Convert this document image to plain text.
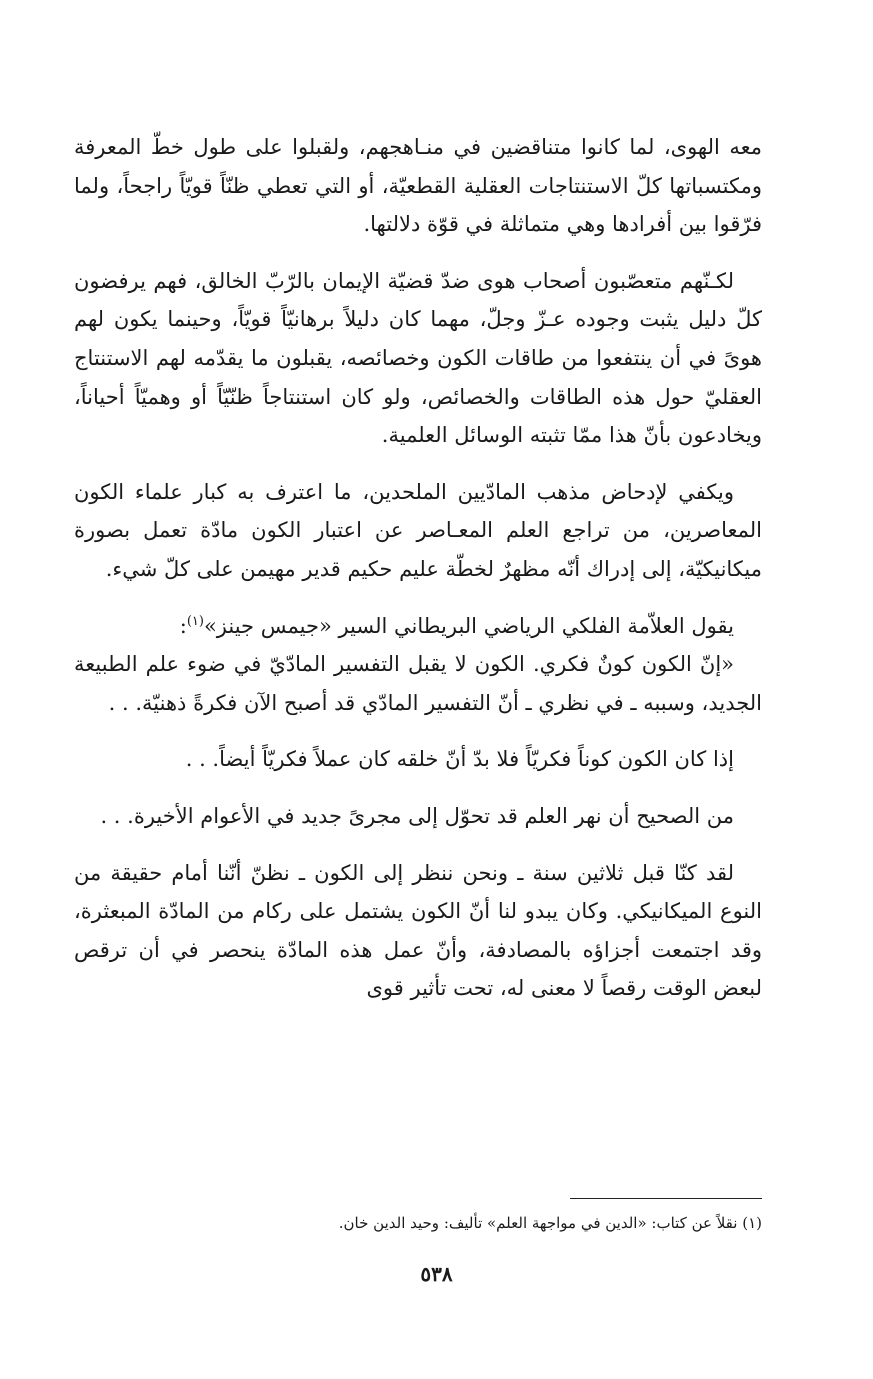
معه الهوى، لما كانوا متناقضين في منـاهجهم، ولقبلوا على طول خطّ المعرفة ومكتسباتها كلّ الاستنتاجات العقلية القطعيّة، أو التي تعطي ظنّاً قويّاً راجحاً، ولما فرّقوا بين أفرادها وهي متماثلة في قوّة دلالتها.

لكـنّهم متعصّبون أصحاب هوى ضدّ قضيّة الإيمان بالرّبّ الخالق، فهم يرفضون كلّ دليل يثبت وجوده عـزّ وجلّ، مهما كان دليلاً برهانيّاً قويّاً، وحينما يكون لهم هوىً في أن ينتفعوا من طاقات الكون وخصائصه، يقبلون ما يقدّمه لهم الاستنتاج العقليّ حول هذه الطاقات والخصائص، ولو كان استنتاجاً ظنّيّاً أو وهميّاً أحياناً، ويخادعون بأنّ هذا ممّا تثبته الوسائل العلمية.

ويكفي لإدحاض مذهب المادّيين الملحدين، ما اعترف به كبار علماء الكون المعاصرين، من تراجع العلم المعـاصر عن اعتبار الكون مادّة تعمل بصورة ميكانيكيّة، إلى إدراك أنّه مظهرٌ لخطّة عليم حكيم قدير مهيمن على كلّ شيء.

يقول العلاّمة الفلكي الرياضي البريطاني السير «جيمس جينز»$^{(١)}$:

«إنّ الكون كونٌ فكري. الكون لا يقبل التفسير المادّيّ في ضوء علم الطبيعة الجديد، وسببه ـ في نظري ـ أنّ التفسير المادّي قد أصبح الآن فكرةً ذهنيّة. . .

إذا كان الكون كوناً فكريّاً فلا بدّ أنّ خلقه كان عملاً فكريّاً أيضاً. . .

من الصحيح أن نهر العلم قد تحوّل إلى مجرىً جديد في الأعوام الأخيرة. . .

لقد كنّا قبل ثلاثين سنة ـ ونحن ننظر إلى الكون ـ نظنّ أنّنا أمام حقيقة من النوع الميكانيكي. وكان يبدو لنا أنّ الكون يشتمل على ركام من المادّة المبعثرة، وقد اجتمعت أجزاؤه بالمصادفة، وأنّ عمل هذه المادّة ينحصر في أن ترقص لبعض الوقت رقصاً لا معنى له، تحت تأثير قوى

(١) نقلاً عن كتاب: «الدين في مواجهة العلم» تأليف: وحيد الدين خان.

٥٣٨
